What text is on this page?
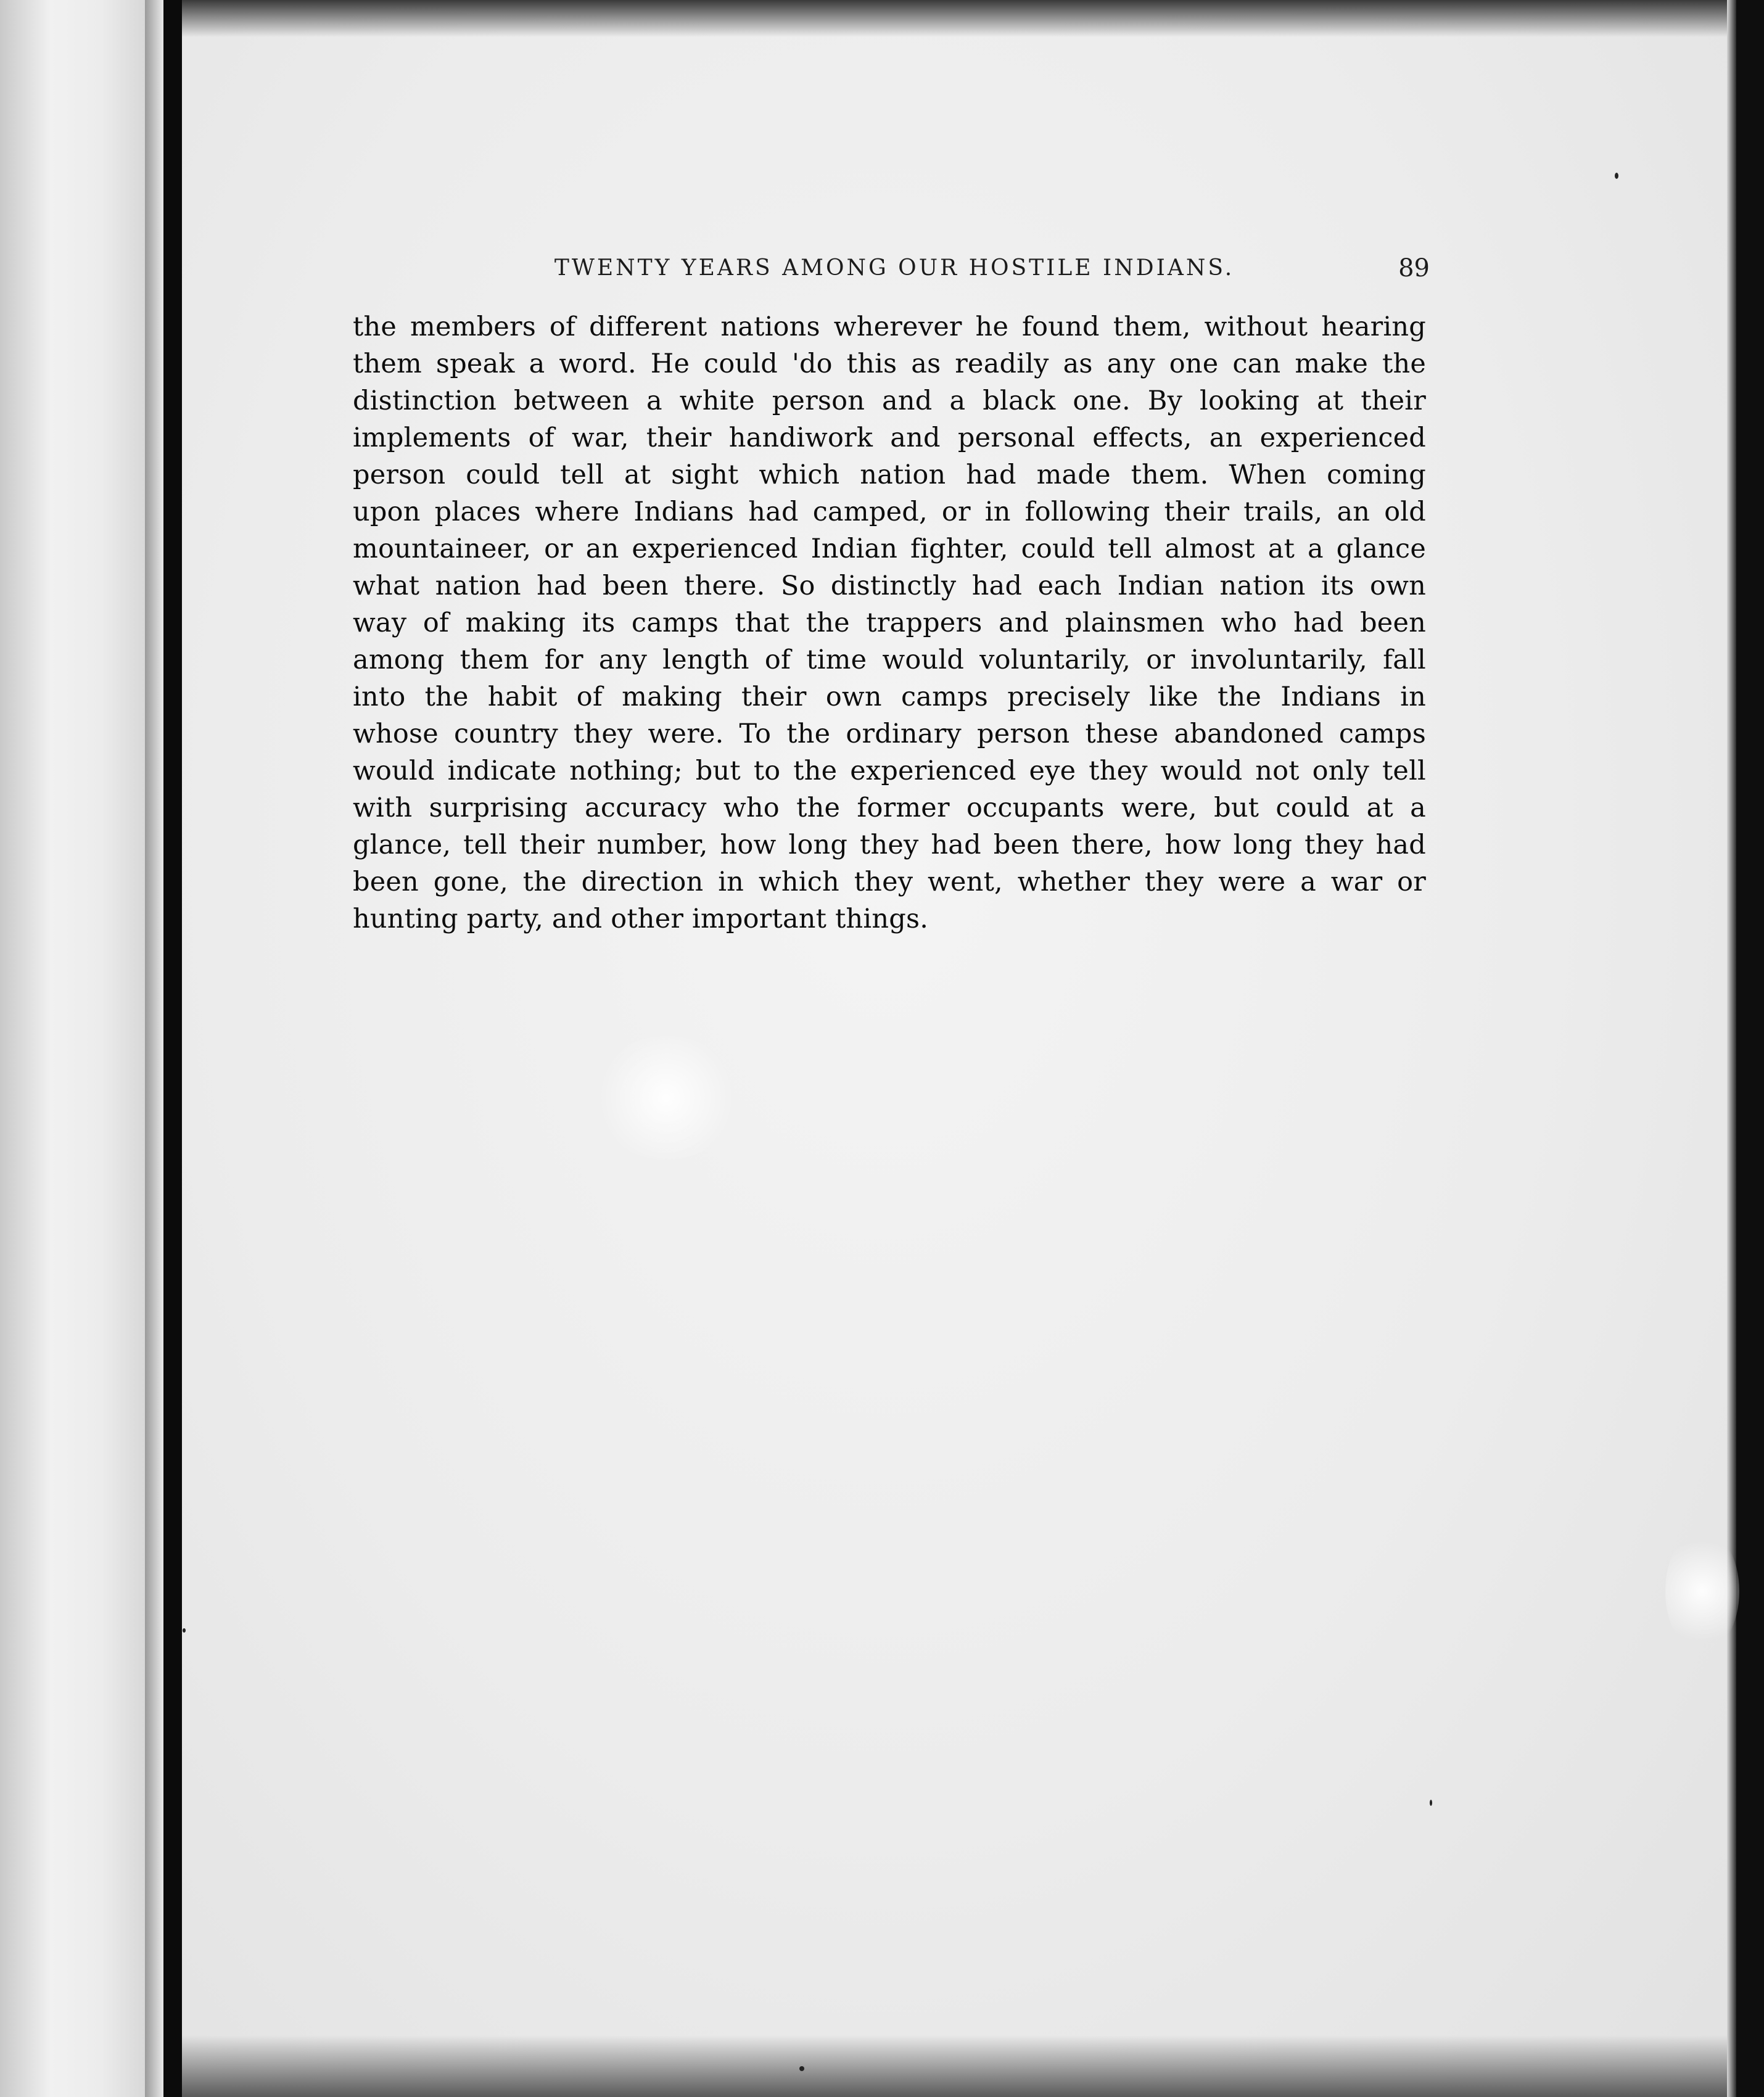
TWENTY YEARS AMONG OUR HOSTILE INDIANS.	89
the members of different nations wherever he found them, without hearing
them speak a word. He could 'do this as readily as any one can make the
distinction between a white person and a black one. By looking at their
implements of war, their handiwork and personal effects, an experienced
person could tell at sight which nation had made them. When coming
upon places where Indians had camped, or in following their trails, an old
mountaineer, or an experienced Indian fighter, could tell almost at a glance
what nation had been there. So distinctly had each Indian nation its own
way of making its camps that the trappers and plainsmen who had been
among them for any length of time would voluntarily, or involuntarily, fall
into the habit of making their own camps precisely like the Indians in
whose country they were. To the ordinary person these abandoned camps
would indicate nothing; but to the experienced eye they would not only tell
with surprising accuracy who the former occupants were, but could at a
glance, tell their number, how long they had been there, how long they had
been gone, the direction in which they went, whether they were a war or
hunting party, and other important things.
